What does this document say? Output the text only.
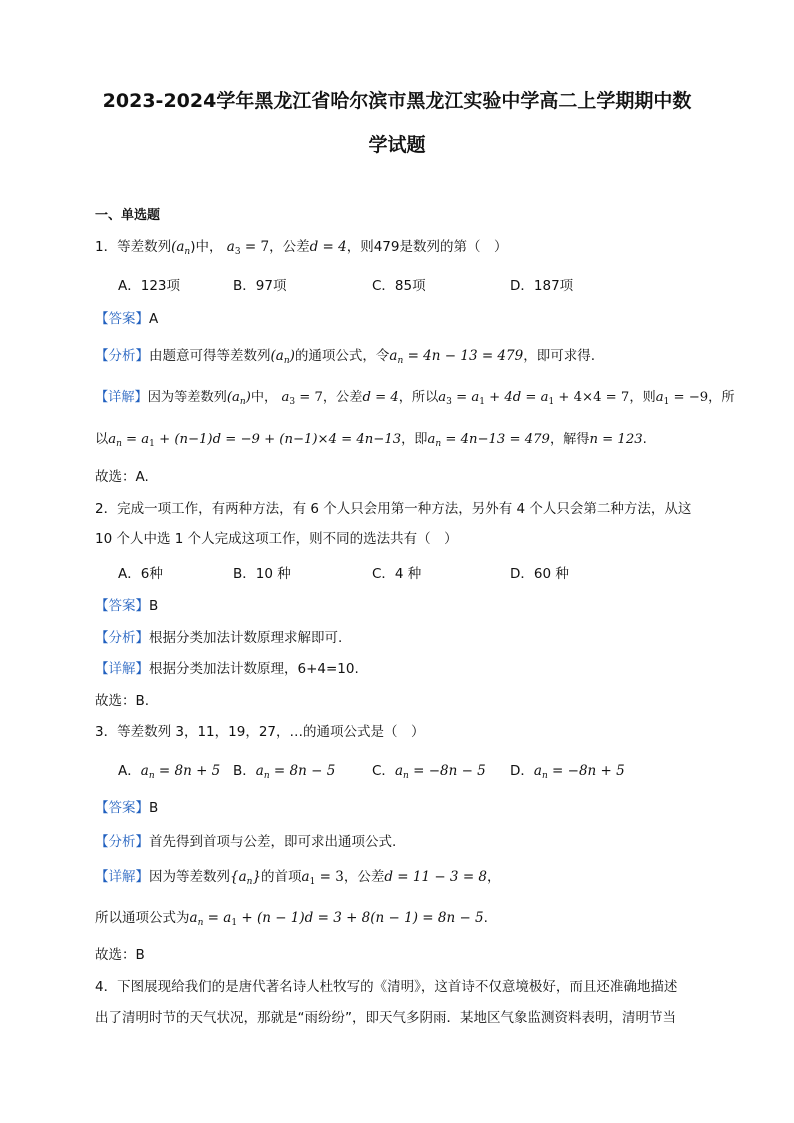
2023-2024学年黑龙江省哈尔滨市黑龙江实验中学高二上学期期中数
学试题
一、单选题
1．等差数列$(a_n)$中， $a_3 = 7$，公差d = 4，则479是数列的第（　）
A．123项	B．97项	C．85项	D．187项
【答案】A
【分析】由题意可得等差数列$(a_n)$的通项公式，令$a_n = 4n - 13 = 479$，即可求得.
【详解】因为等差数列$(a_n)$中， $a_3 = 7$，公差d = 4，所以$a_3 = a_1 + 4d = a_1 + 4\times 4 = 7$，则$a_1 = -9$，所
以$a_n = a_1 + (n-1)d = -9 + (n-1)\times 4 = 4n-13$，即$a_n = 4n-13 = 479$，解得n = 123.
故选：A.
2．完成一项工作，有两种方法，有 6 个人只会用第一种方法，另外有 4 个人只会第二种方法，从这
10 个人中选 1 个人完成这项工作，则不同的选法共有（　）
A．6种	B．10 种	C．4 种	D．60 种
【答案】B
【分析】根据分类加法计数原理求解即可.
【详解】根据分类加法计数原理，6+4=10.
故选：B.
3．等差数列 3，11，19，27，…的通项公式是（　）
A．$a_n = 8n + 5$ B．$a_n = 8n - 5$	C．$a_n = -8n - 5$ D．$a_n = -8n + 5$
【答案】B
【分析】首先得到首项与公差，即可求出通项公式.
【详解】因为等差数列$\{a_n\}$的首项$a_1 = 3$，公差d = 11 − 3 = 8，
所以通项公式为$a_n = a_1 + (n - 1)d = 3 + 8(n - 1) = 8n - 5$.
故选：B
4．下图展现给我们的是唐代著名诗人杜牧写的《清明》，这首诗不仅意境极好，而且还准确地描述
出了清明时节的天气状况，那就是“雨纷纷”，即天气多阴雨．某地区气象监测资料表明，清明节当
